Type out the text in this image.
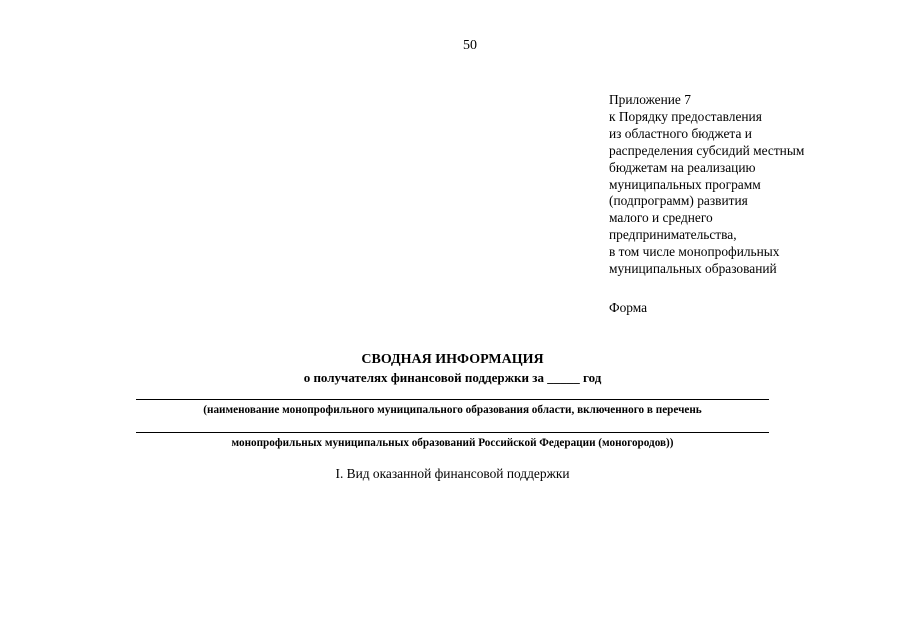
50
Приложение 7
к Порядку предоставления
из областного бюджета и
распределения субсидий местным
бюджетам на реализацию
муниципальных программ
(подпрограмм) развития
малого и среднего
предпринимательства,
в том числе монопрофильных
муниципальных образований
Форма
СВОДНАЯ ИНФОРМАЦИЯ
о получателях финансовой поддержки за _____ год
(наименование монопрофильного муниципального образования области, включенного в перечень
монопрофильных муниципальных образований Российской Федерации (моногородов))
I. Вид оказанной финансовой поддержки
